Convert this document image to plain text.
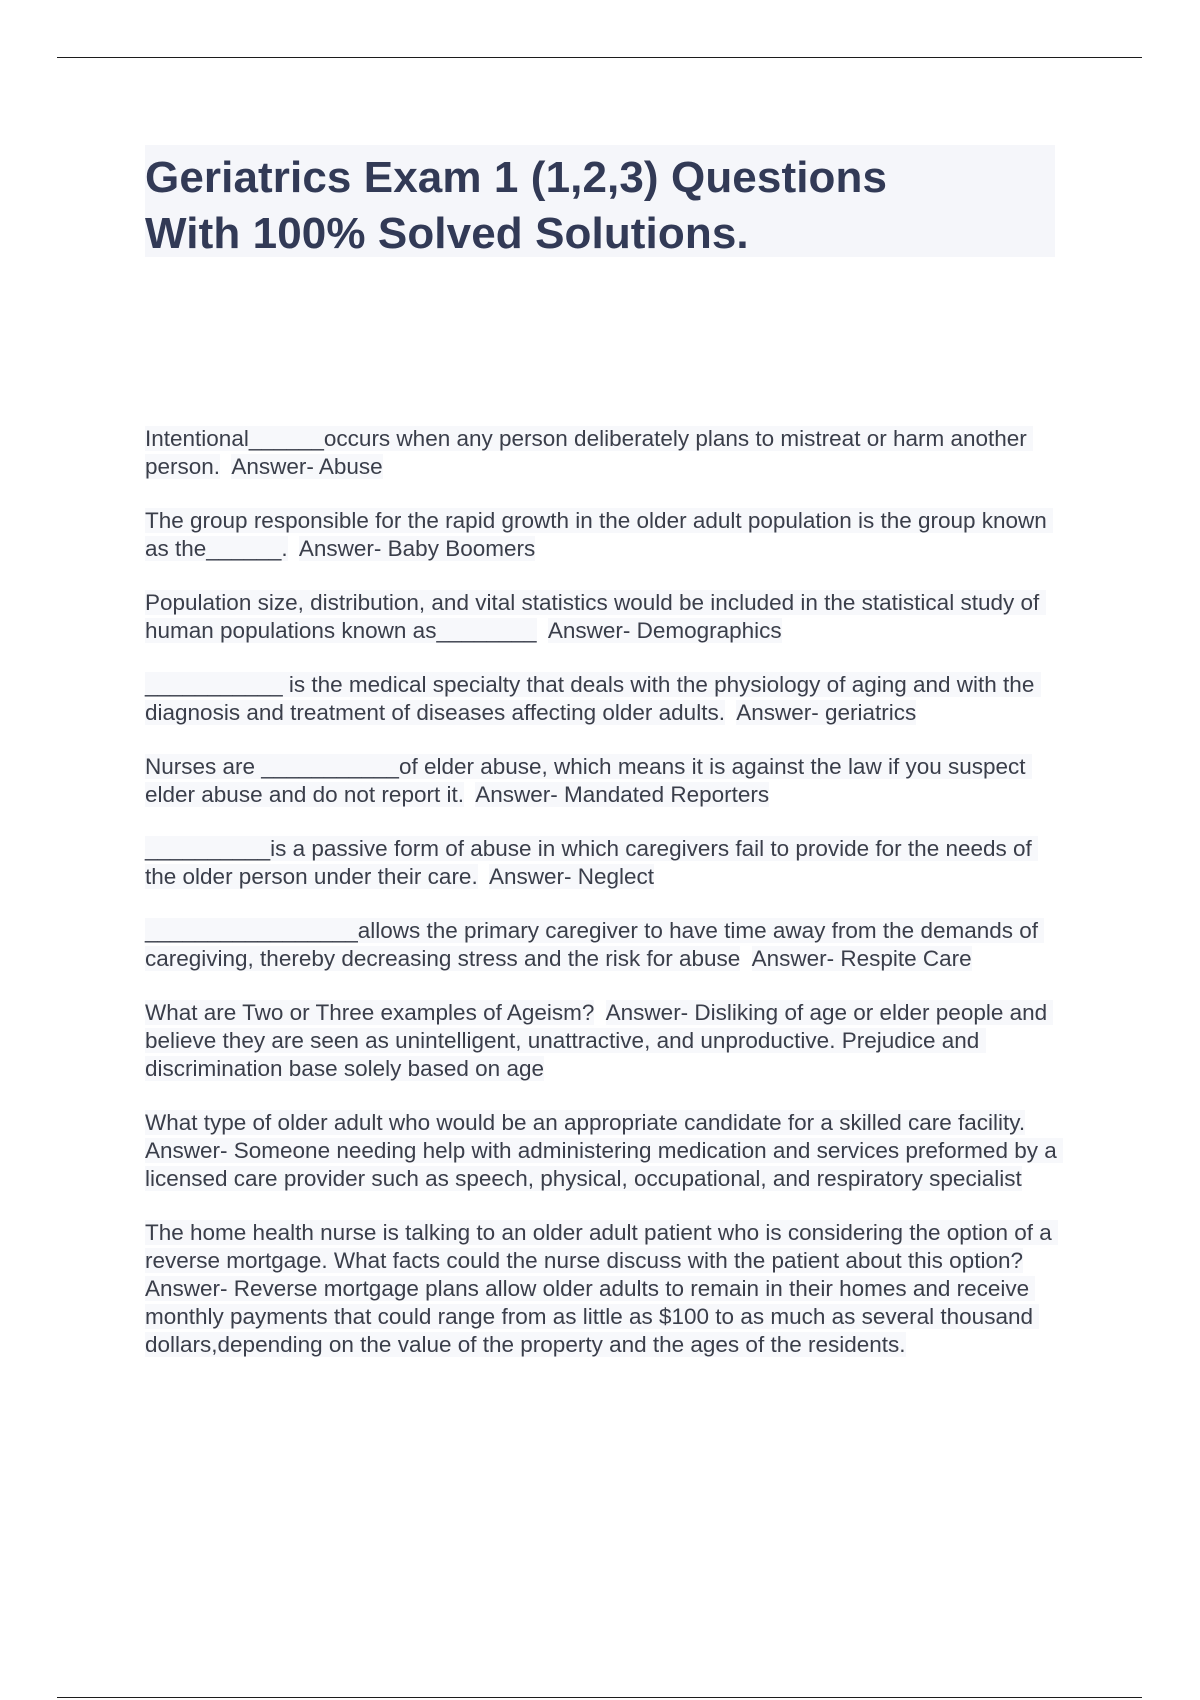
Geriatrics Exam 1 (1,2,3) Questions
With 100% Solved Solutions.

Intentional______occurs when any person deliberately plans to mistreat or harm another person. Answer- Abuse

The group responsible for the rapid growth in the older adult population is the group known as the______. Answer- Baby Boomers

Population size, distribution, and vital statistics would be included in the statistical study of human populations known as________ Answer- Demographics

___________ is the medical specialty that deals with the physiology of aging and with the diagnosis and treatment of diseases affecting older adults. Answer- geriatrics

Nurses are ___________of elder abuse, which means it is against the law if you suspect elder abuse and do not report it. Answer- Mandated Reporters

__________is a passive form of abuse in which caregivers fail to provide for the needs of the older person under their care. Answer- Neglect

_________________allows the primary caregiver to have time away from the demands of caregiving, thereby decreasing stress and the risk for abuse Answer- Respite Care

What are Two or Three examples of Ageism? Answer- Disliking of age or elder people and believe they are seen as unintelligent, unattractive, and unproductive. Prejudice and discrimination base solely based on age

What type of older adult who would be an appropriate candidate for a skilled care facility.  Answer- Someone needing help with administering medication and services preformed by a licensed care provider such as speech, physical, occupational, and respiratory specialist

The home health nurse is talking to an older adult patient who is considering the option of a reverse mortgage. What facts could the nurse discuss with the patient about this option?  Answer- Reverse mortgage plans allow older adults to remain in their homes and receive monthly payments that could range from as little as $100 to as much as several thousand dollars,depending on the value of the property and the ages of the residents.
